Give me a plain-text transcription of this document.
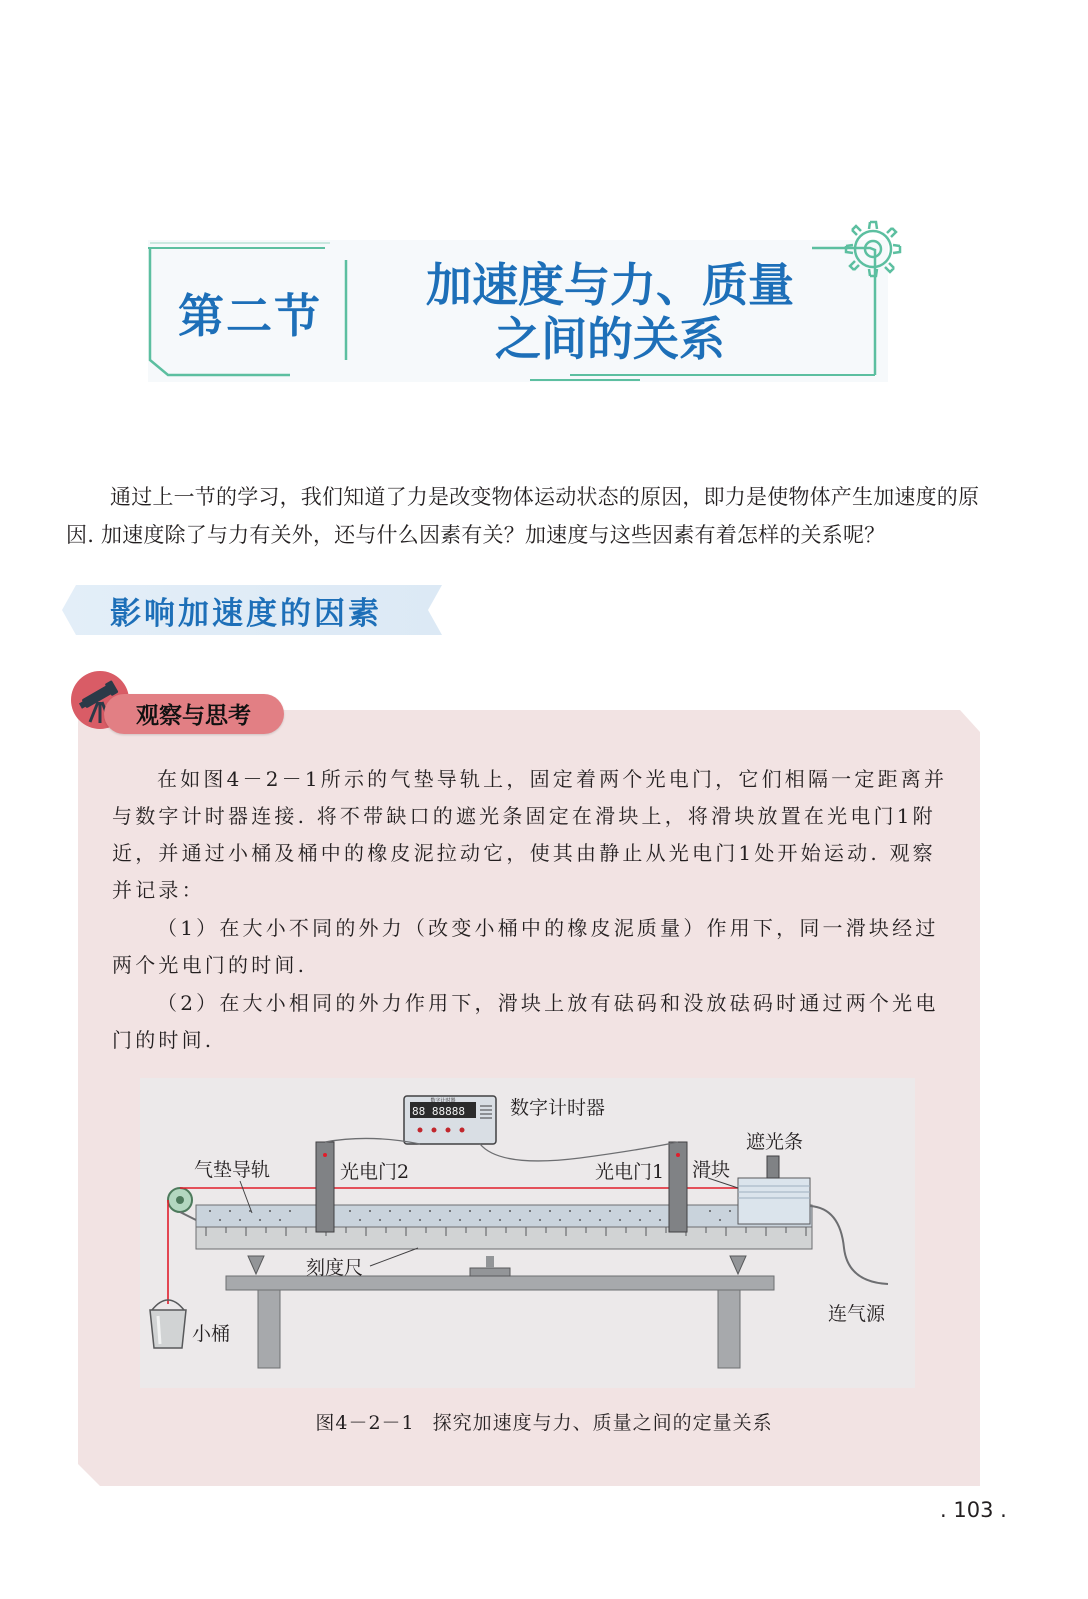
第二节
加速度与力、质量
之间的关系
通过上一节的学习，我们知道了力是改变物体运动状态的原因，即力是使物体产生加速度的原因. 加速度除了与力有关外，还与什么因素有关？加速度与这些因素有着怎样的关系呢？
影响加速度的因素
观察与思考
在如图4－2－1所示的气垫导轨上，固定着两个光电门，它们相隔一定距离并与数字计时器连接. 将不带缺口的遮光条固定在滑块上，将滑块放置在光电门1附近，并通过小桶及桶中的橡皮泥拉动它，使其由静止从光电门1处开始运动. 观察并记录：
（1）在大小不同的外力（改变小桶中的橡皮泥质量）作用下，同一滑块经过两个光电门的时间.
（2）在大小相同的外力作用下，滑块上放有砝码和没放砝码时通过两个光电门的时间.
数字计时器
88 88888 数字计时器
遮光条
气垫导轨	光电门2	光电门1 滑块
刻度尺
小桶
连气源
图4－2－1 探究加速度与力、质量之间的定量关系
. 103 .
